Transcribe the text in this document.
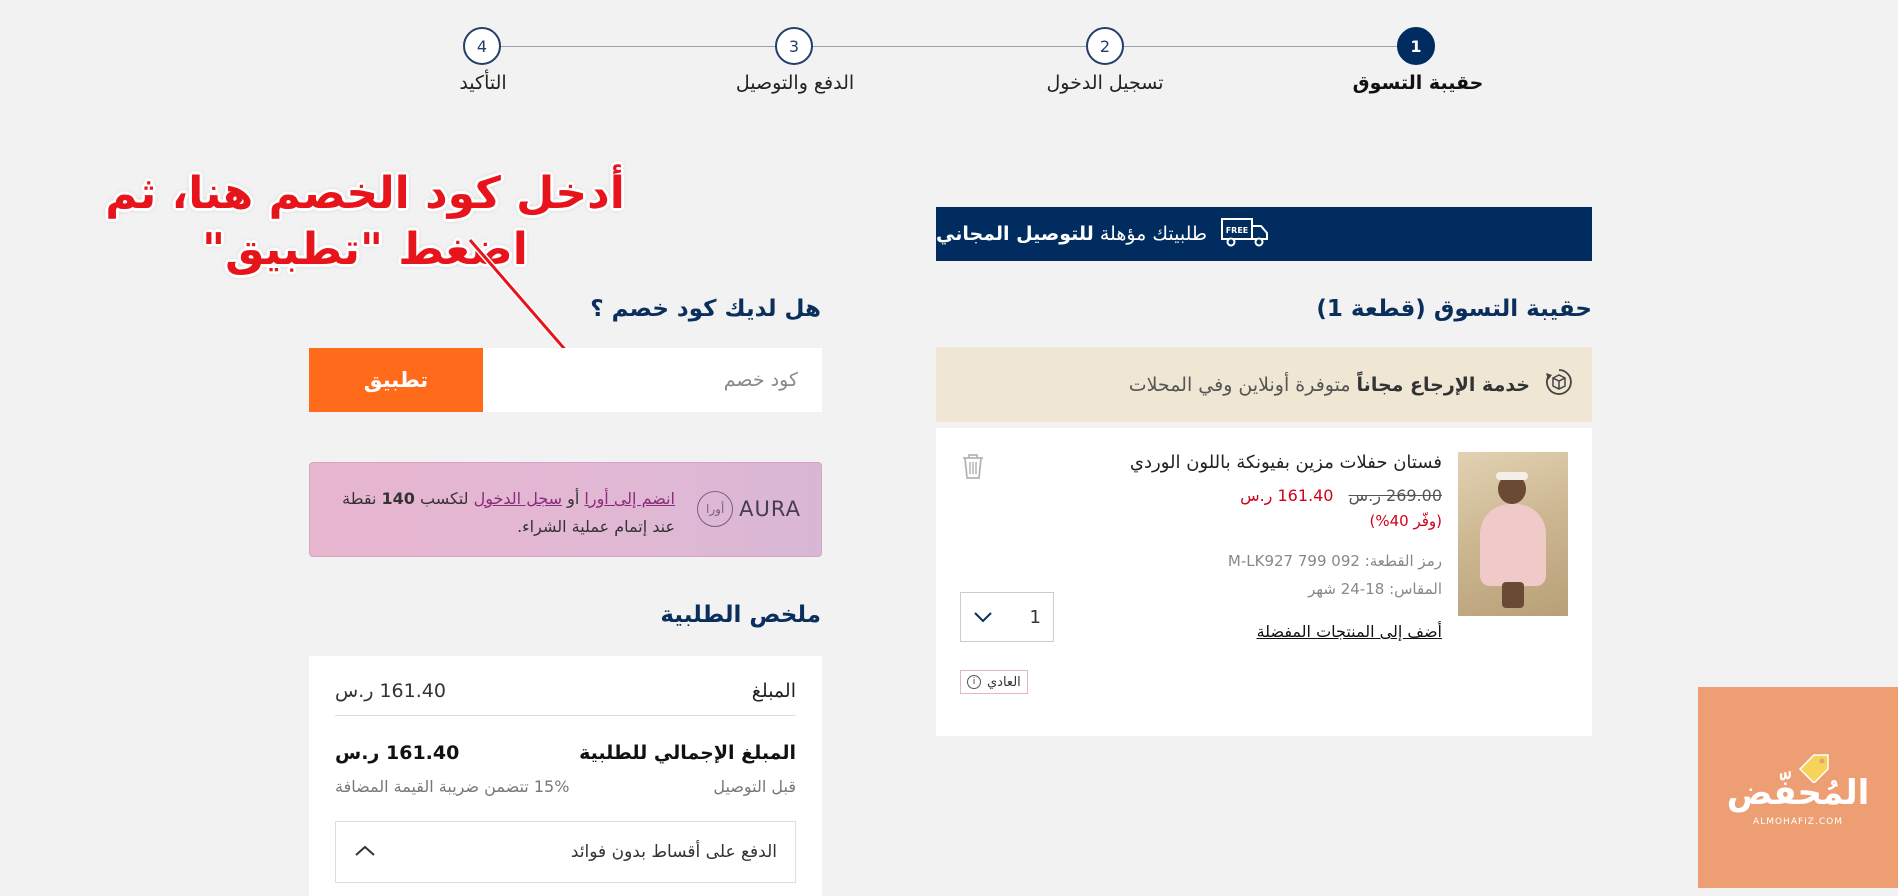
1
حقيبة التسوق
2
تسجيل الدخول
3
الدفع والتوصيل
4
التأكيد
أدخل كود الخصم هنا، ثم اضغط "تطبيق"	FREE
طلبيتك مؤهلة للتوصيل المجاني
حقيبة التسوق (قطعة 1)
خدمة الإرجاع مجاناً
متوفرة أونلاين وفي المحلات
فستان حفلات مزين بفيونكة باللون الوردي
269.00 ر.س 161.40 ر.س
(وفّر 40%)
رمز القطعة: 092 799 M-LK927
المقاس: 18-24 شهر
أضف إلى المنتجات المفضلة
1
العادي
i
هل لديك كود خصم ؟
كود خصم
تطبيق
أورا AURA
انضم إلى أورا أو سجل الدخول لتكسب 140 نقطة عند إتمام عملية الشراء.
ملخص الطلبية
المبلغ
161.40 ر.س
المبلغ الإجمالي للطلبية
161.40 ر.س
قبل التوصيل
15% تتضمن ضريبة القيمة المضافة
الدفع على أقساط بدون فوائد
المُحفّض
ALMOHAFIZ.COM
